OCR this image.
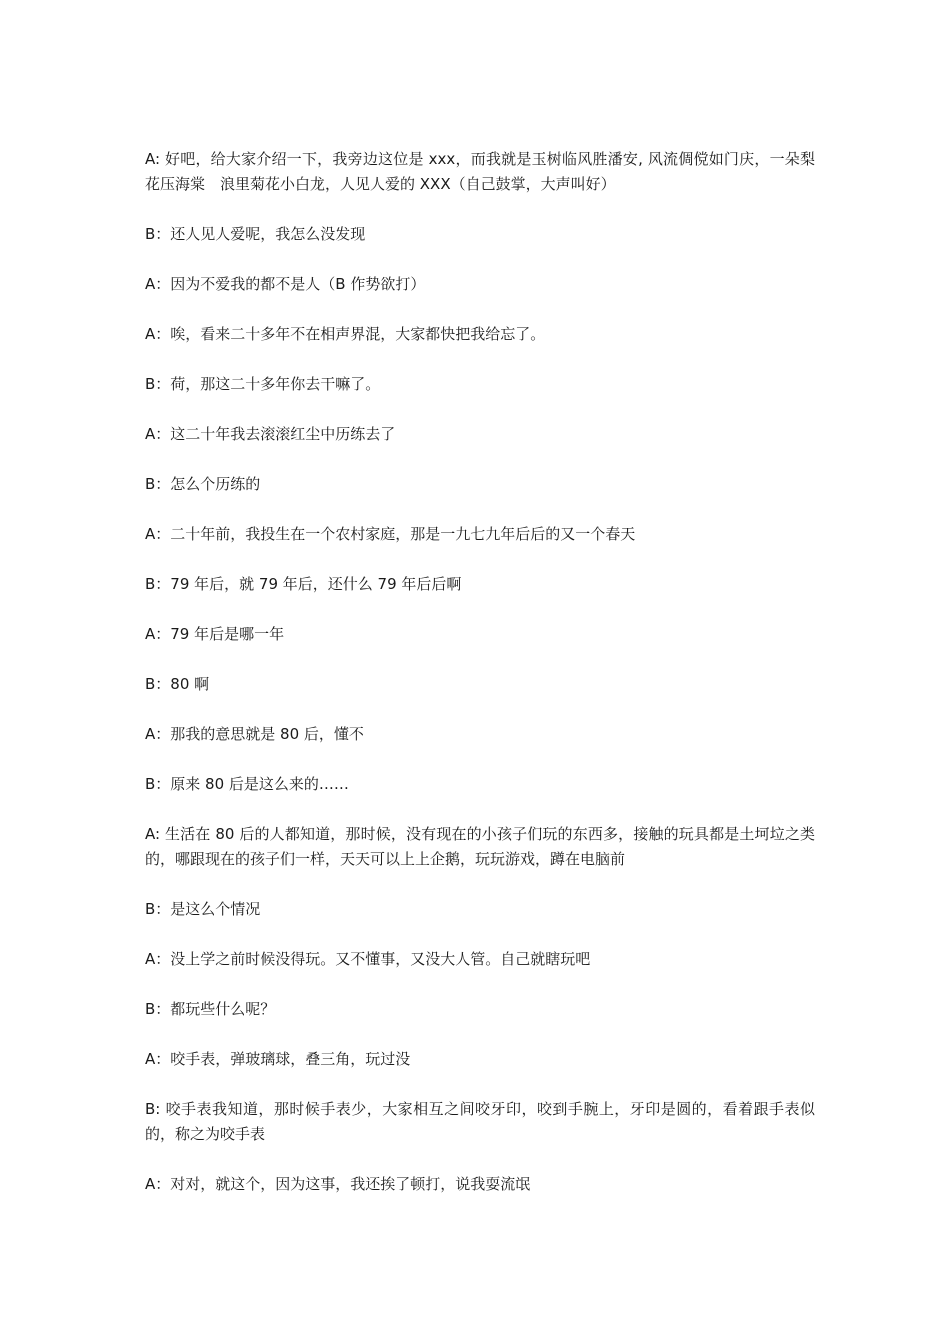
A: 好吧，给大家介绍一下，我旁边这位是 xxx，而我就是玉树临风胜潘安, 风流倜傥如门庆，一朵梨花压海棠　浪里菊花小白龙，人见人爱的 XXX（自己鼓掌，大声叫好）

B：还人见人爱呢，我怎么没发现

A：因为不爱我的都不是人（B 作势欲打）

A：唉，看来二十多年不在相声界混，大家都快把我给忘了。

B：荷，那这二十多年你去干嘛了。

A：这二十年我去滚滚红尘中历练去了

B：怎么个历练的

A：二十年前，我投生在一个农村家庭，那是一九七九年后后的又一个春天

B：79 年后，就 79 年后，还什么 79 年后后啊

A：79 年后是哪一年

B：80 啊

A：那我的意思就是 80 后，懂不

B：原来 80 后是这么来的……

A: 生活在 80 后的人都知道，那时候，没有现在的小孩子们玩的东西多，接触的玩具都是土坷垃之类的，哪跟现在的孩子们一样，天天可以上上企鹅，玩玩游戏，蹲在电脑前

B：是这么个情况

A：没上学之前时候没得玩。又不懂事，又没大人管。自己就瞎玩吧

B：都玩些什么呢？

A：咬手表，弹玻璃球，叠三角，玩过没

B: 咬手表我知道，那时候手表少，大家相互之间咬牙印，咬到手腕上，牙印是圆的，看着跟手表似的，称之为咬手表

A：对对，就这个，因为这事，我还挨了顿打，说我耍流氓
